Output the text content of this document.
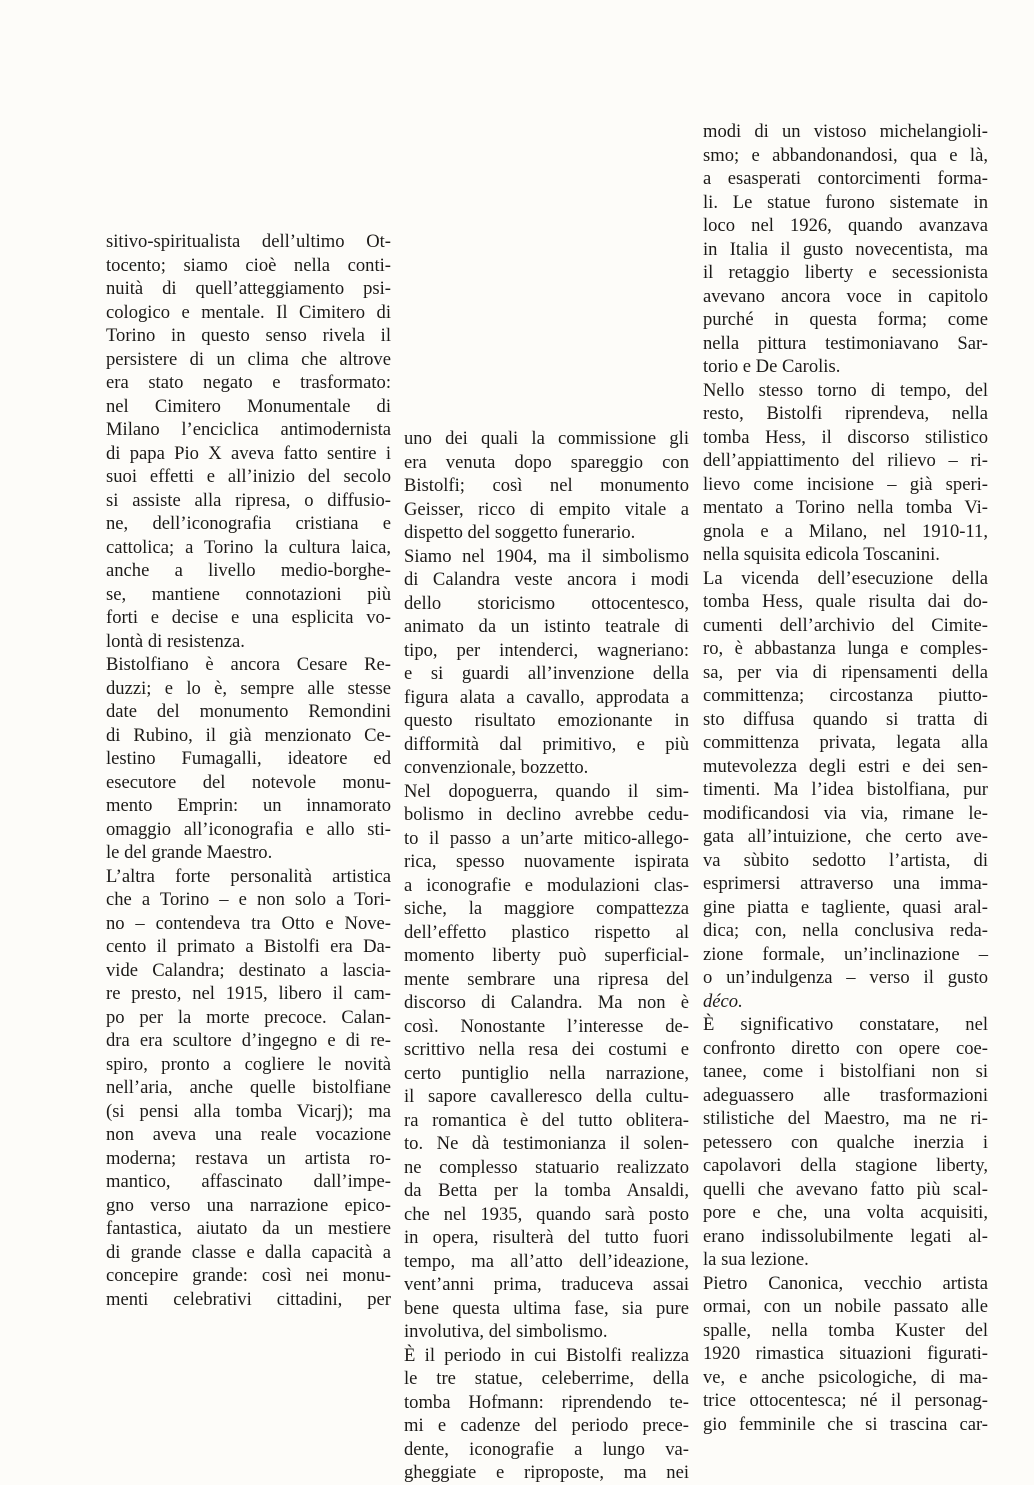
sitivo-spiritualista dell’ultimo Ot-
tocento; siamo cioè nella conti-
nuità di quell’atteggiamento psi-
cologico e mentale. Il Cimitero di
Torino in questo senso rivela il
persistere di un clima che altrove
era stato negato e trasformato:
nel Cimitero Monumentale di
Milano l’enciclica antimodernista
di papa Pio X aveva fatto sentire i
suoi effetti e all’inizio del secolo
si assiste alla ripresa, o diffusio-
ne, dell’iconografia cristiana e
cattolica; a Torino la cultura laica,
anche a livello medio-borghe-
se, mantiene connotazioni più
forti e decise e una esplicita vo-
lontà di resistenza.
Bistolfiano è ancora Cesare Re-
duzzi; e lo è, sempre alle stesse
date del monumento Remondini
di Rubino, il già menzionato Ce-
lestino Fumagalli, ideatore ed
esecutore del notevole monu-
mento Emprin: un innamorato
omaggio all’iconografia e allo sti-
le del grande Maestro.
L’altra forte personalità artistica
che a Torino – e non solo a Tori-
no – contendeva tra Otto e Nove-
cento il primato a Bistolfi era Da-
vide Calandra; destinato a lascia-
re presto, nel 1915, libero il cam-
po per la morte precoce. Calan-
dra era scultore d’ingegno e di re-
spiro, pronto a cogliere le novità
nell’aria, anche quelle bistolfiane
(si pensi alla tomba Vicarj); ma
non aveva una reale vocazione
moderna; restava un artista ro-
mantico, affascinato dall’impe-
gno verso una narrazione epico-
fantastica, aiutato da un mestiere
di grande classe e dalla capacità a
concepire grande: così nei monu-
menti celebrativi cittadini, per
uno dei quali la commissione gli
era venuta dopo spareggio con
Bistolfi; così nel monumento
Geisser, ricco di empito vitale a
dispetto del soggetto funerario.
Siamo nel 1904, ma il simbolismo
di Calandra veste ancora i modi
dello storicismo ottocentesco,
animato da un istinto teatrale di
tipo, per intenderci, wagneriano:
e si guardi all’invenzione della
figura alata a cavallo, approdata a
questo risultato emozionante in
difformità dal primitivo, e più
convenzionale, bozzetto.
Nel dopoguerra, quando il sim-
bolismo in declino avrebbe cedu-
to il passo a un’arte mitico-allego-
rica, spesso nuovamente ispirata
a iconografie e modulazioni clas-
siche, la maggiore compattezza
dell’effetto plastico rispetto al
momento liberty può superficial-
mente sembrare una ripresa del
discorso di Calandra. Ma non è
così. Nonostante l’interesse de-
scrittivo nella resa dei costumi e
certo puntiglio nella narrazione,
il sapore cavalleresco della cultu-
ra romantica è del tutto oblitera-
to. Ne dà testimonianza il solen-
ne complesso statuario realizzato
da Betta per la tomba Ansaldi,
che nel 1935, quando sarà posto
in opera, risulterà del tutto fuori
tempo, ma all’atto dell’ideazione,
vent’anni prima, traduceva assai
bene questa ultima fase, sia pure
involutiva, del simbolismo.
È il periodo in cui Bistolfi realizza
le tre statue, celeberrime, della
tomba Hofmann: riprendendo te-
mi e cadenze del periodo prece-
dente, iconografie a lungo va-
gheggiate e riproposte, ma nei
modi di un vistoso michelangioli-
smo; e abbandonandosi, qua e là,
a esasperati contorcimenti forma-
li. Le statue furono sistemate in
loco nel 1926, quando avanzava
in Italia il gusto novecentista, ma
il retaggio liberty e secessionista
avevano ancora voce in capitolo
purché in questa forma; come
nella pittura testimoniavano Sar-
torio e De Carolis.
Nello stesso torno di tempo, del
resto, Bistolfi riprendeva, nella
tomba Hess, il discorso stilistico
dell’appiattimento del rilievo – ri-
lievo come incisione – già speri-
mentato a Torino nella tomba Vi-
gnola e a Milano, nel 1910-11,
nella squisita edicola Toscanini.
La vicenda dell’esecuzione della
tomba Hess, quale risulta dai do-
cumenti dell’archivio del Cimite-
ro, è abbastanza lunga e comples-
sa, per via di ripensamenti della
committenza; circostanza piutto-
sto diffusa quando si tratta di
committenza privata, legata alla
mutevolezza degli estri e dei sen-
timenti. Ma l’idea bistolfiana, pur
modificandosi via via, rimane le-
gata all’intuizione, che certo ave-
va sùbito sedotto l’artista, di
esprimersi attraverso una imma-
gine piatta e tagliente, quasi aral-
dica; con, nella conclusiva reda-
zione formale, un’inclinazione –
o un’indulgenza – verso il gusto
déco.
È significativo constatare, nel
confronto diretto con opere coe-
tanee, come i bistolfiani non si
adeguassero alle trasformazioni
stilistiche del Maestro, ma ne ri-
petessero con qualche inerzia i
capolavori della stagione liberty,
quelli che avevano fatto più scal-
pore e che, una volta acquisiti,
erano indissolubilmente legati al-
la sua lezione.
Pietro Canonica, vecchio artista
ormai, con un nobile passato alle
spalle, nella tomba Kuster del
1920 rimastica situazioni figurati-
ve, e anche psicologiche, di ma-
trice ottocentesca; né il personag-
gio femminile che si trascina car-
